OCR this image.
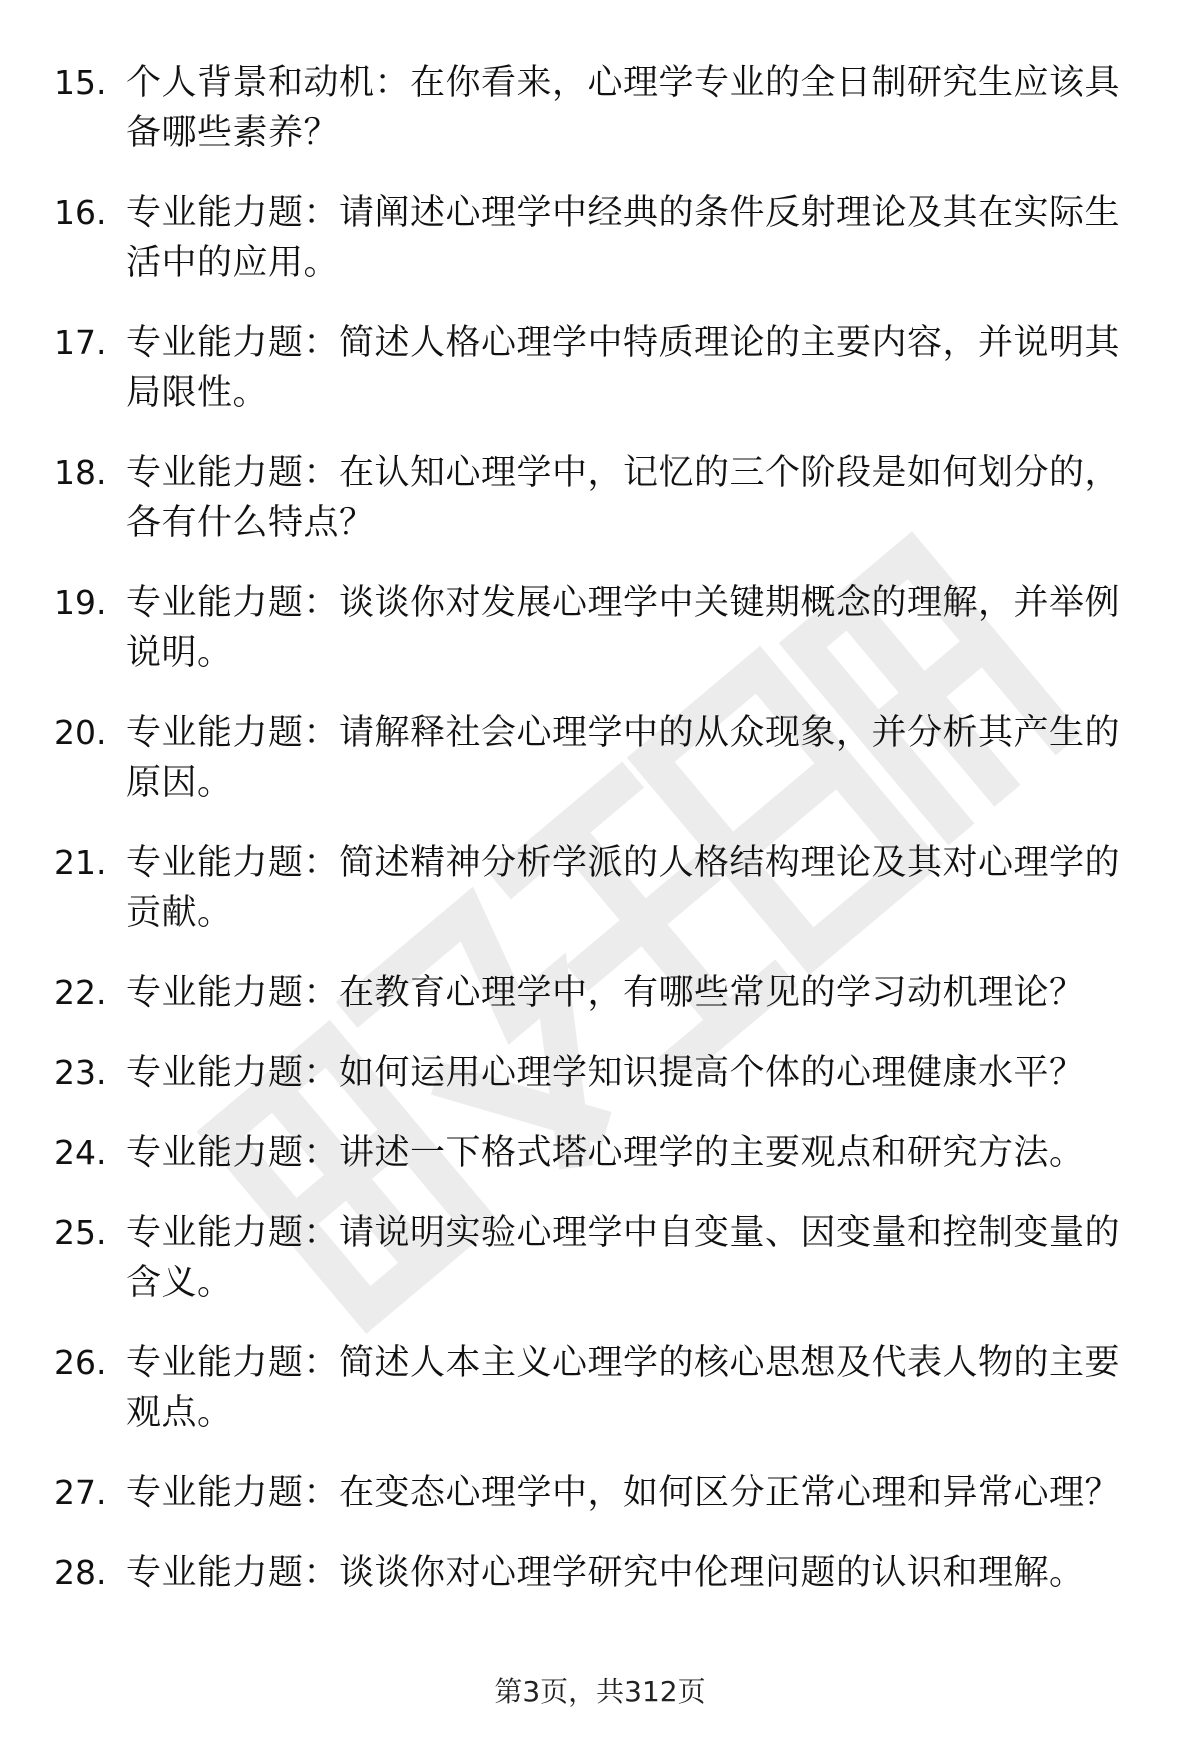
15. 个人背景和动机：在你看来，心理学专业的全日制研究生应该具备哪些素养？
16. 专业能力题：请阐述心理学中经典的条件反射理论及其在实际生活中的应用。
17. 专业能力题：简述人格心理学中特质理论的主要内容，并说明其局限性。
18. 专业能力题：在认知心理学中，记忆的三个阶段是如何划分的，各有什么特点？
19. 专业能力题：谈谈你对发展心理学中关键期概念的理解，并举例说明。
20. 专业能力题：请解释社会心理学中的从众现象，并分析其产生的原因。
21. 专业能力题：简述精神分析学派的人格结构理论及其对心理学的贡献。
22. 专业能力题：在教育心理学中，有哪些常见的学习动机理论？
23. 专业能力题：如何运用心理学知识提高个体的心理健康水平？
24. 专业能力题：讲述一下格式塔心理学的主要观点和研究方法。
25. 专业能力题：请说明实验心理学中自变量、因变量和控制变量的含义。
26. 专业能力题：简述人本主义心理学的核心思想及代表人物的主要观点。
27. 专业能力题：在变态心理学中，如何区分正常心理和异常心理？
28. 专业能力题：谈谈你对心理学研究中伦理问题的认识和理解。
第3页，共312页
